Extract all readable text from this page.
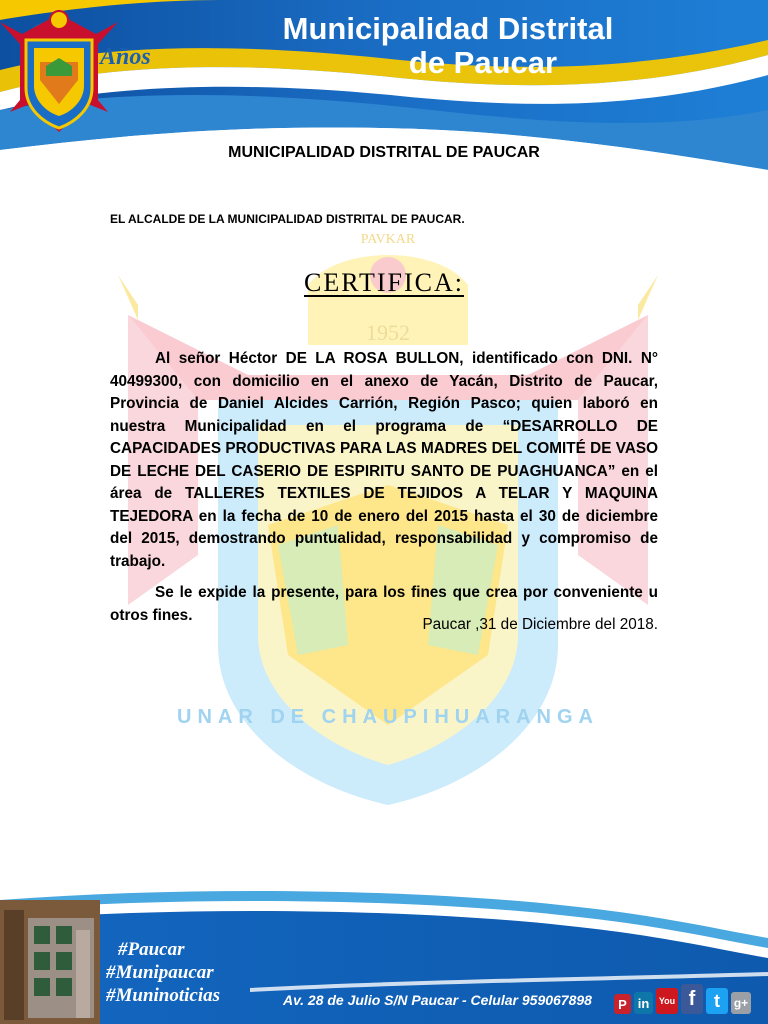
Años
Municipalidad Distrital
de Paucar
Gestión 2015 - 2018
PAVKAR
1952
UNAR DE CHAUPIHUARANGA
MUNICIPALIDAD DISTRITAL DE PAUCAR
EL ALCALDE DE LA MUNICIPALIDAD DISTRITAL DE PAUCAR.
CERTIFICA:

Al señor Héctor DE LA ROSA BULLON, identificado con DNI. N° 40499300, con domicilio en el anexo de Yacán, Distrito de Paucar, Provincia de Daniel Alcides Carrión, Región Pasco; quien laboró en nuestra Municipalidad en el programa de “DESARROLLO DE CAPACIDADES PRODUCTIVAS PARA LAS MADRES DEL COMITÉ DE VASO DE LECHE DEL CASERIO DE ESPIRITU SANTO DE PUAGHUANCA” en el área de TALLERES TEXTILES DE TEJIDOS A TELAR Y MAQUINA TEJEDORA en la fecha de 10 de enero del 2015 hasta el 30 de diciembre del 2015, demostrando puntualidad, responsabilidad y compromiso de trabajo.

Se le expide la presente, para los fines que crea por conveniente u otros fines.

Paucar ,31 de Diciembre del 2018.
#Paucar
#Munipaucar
#Muninoticias	Av. 28 de Julio S/N Paucar - Celular 959067898	P in	You f	t	g+
